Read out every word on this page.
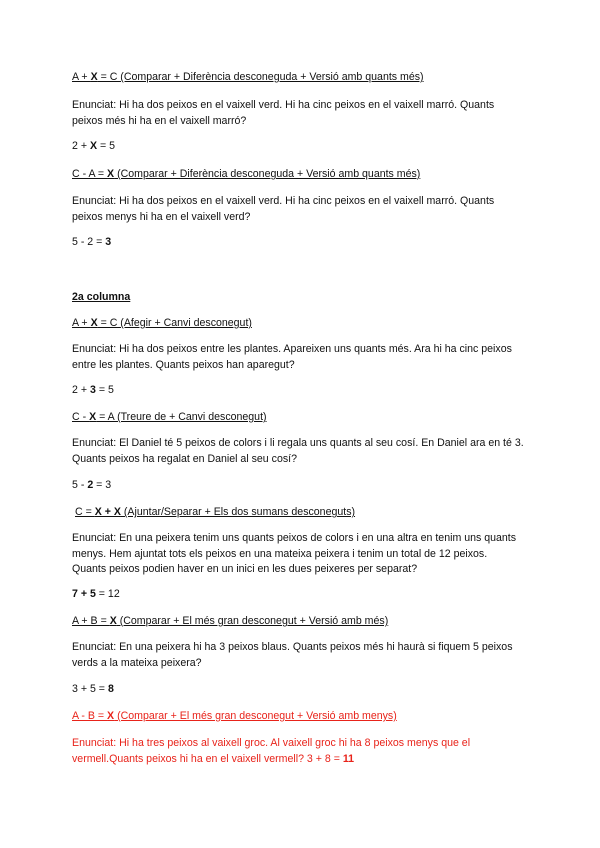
A + X = C (Comparar + Diferència desconeguda + Versió amb quants més)
Enunciat: Hi ha dos peixos en el vaixell verd. Hi ha cinc peixos en el vaixell marró. Quants peixos més hi ha en el vaixell marró?
2 + X = 5
C - A = X (Comparar + Diferència desconeguda + Versió amb quants més)
Enunciat: Hi ha dos peixos en el vaixell verd. Hi ha cinc peixos en el vaixell marró. Quants peixos menys hi ha en el vaixell verd?
5 - 2 = 3
2a columna
A + X = C (Afegir + Canvi desconegut)
Enunciat: Hi ha dos peixos entre les plantes. Apareixen uns quants més. Ara hi ha cinc peixos entre les plantes. Quants peixos han aparegut?
2 + 3 = 5
C - X = A (Treure de + Canvi desconegut)
Enunciat: El Daniel té 5 peixos de colors i li regala uns quants al seu cosí. En Daniel ara en té 3. Quants peixos ha regalat en Daniel al seu cosí?
5 - 2 = 3
C = X + X (Ajuntar/Separar + Els dos sumans desconeguts)
Enunciat: En una peixera tenim uns quants peixos de colors i en una altra en tenim uns quants menys. Hem ajuntat tots els peixos en una mateixa peixera i tenim un total de 12 peixos. Quants peixos podien haver en un inici en les dues peixeres per separat?
7 + 5 = 12
A + B = X (Comparar + El més gran desconegut + Versió amb més)
Enunciat: En una peixera hi ha 3 peixos blaus. Quants peixos més hi haurà si fiquem 5 peixos verds a la mateixa peixera?
3 + 5 = 8
A - B = X (Comparar + El més gran desconegut + Versió amb menys)
Enunciat: Hi ha tres peixos al vaixell groc. Al vaixell groc hi ha 8 peixos menys que el vermell.Quants peixos hi ha en el vaixell vermell? 3 + 8 = 11
